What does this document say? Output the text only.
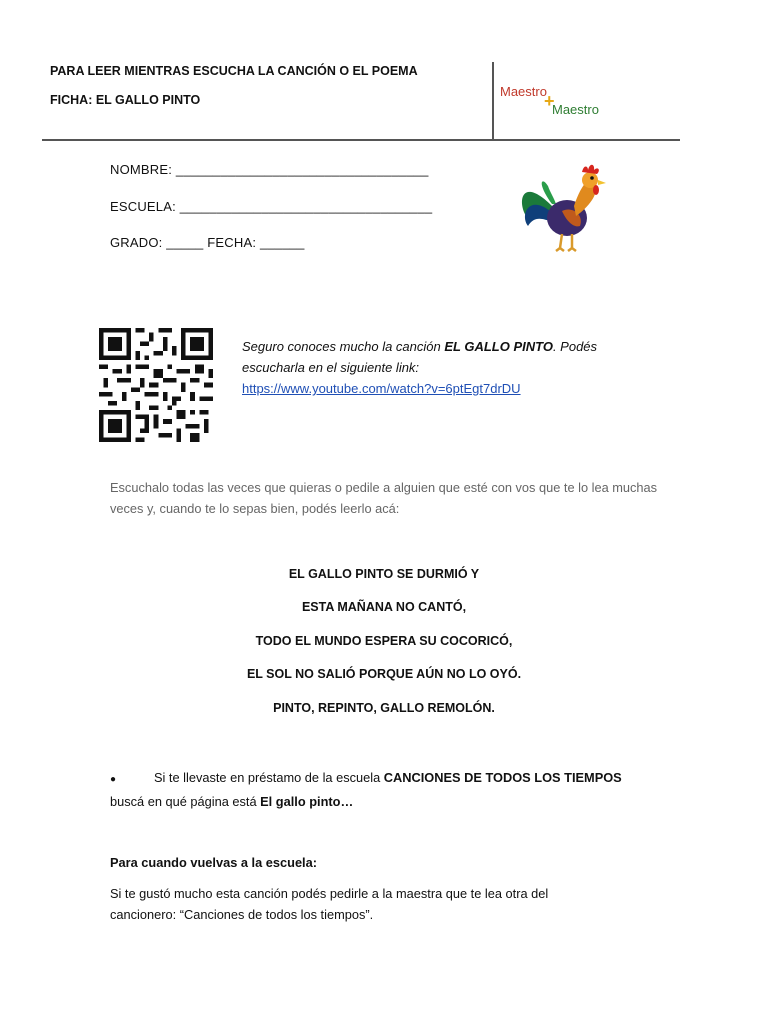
PARA LEER MIENTRAS ESCUCHA LA CANCIÓN O EL POEMA
FICHA: EL GALLO PINTO
Maestro
+
Maestro
NOMBRE: __________________________________
ESCUELA: __________________________________
GRADO: _____ FECHA: ______
Seguro conoces mucho la canción EL GALLO PINTO. Podés escucharla en el siguiente link:
https://www.youtube.com/watch?v=6ptEgt7drDU
Escuchalo todas las veces que quieras o pedile a alguien que esté con vos que te lo lea muchas veces y, cuando te lo sepas bien, podés leerlo acá:
EL GALLO PINTO SE DURMIÓ Y
ESTA MAÑANA NO CANTÓ,
TODO EL MUNDO ESPERA SU COCORICÓ,
EL SOL NO SALIÓ PORQUE AÚN NO LO OYÓ.
PINTO, REPINTO, GALLO REMOLÓN.
●	Si te llevaste en préstamo de la escuela CANCIONES DE TODOS LOS TIEMPOS
buscá en qué página está El gallo pinto…
Para cuando vuelvas a la escuela:
Si te gustó mucho esta canción podés pedirle a la maestra que te lea otra del cancionero: “Canciones de todos los tiempos”.
